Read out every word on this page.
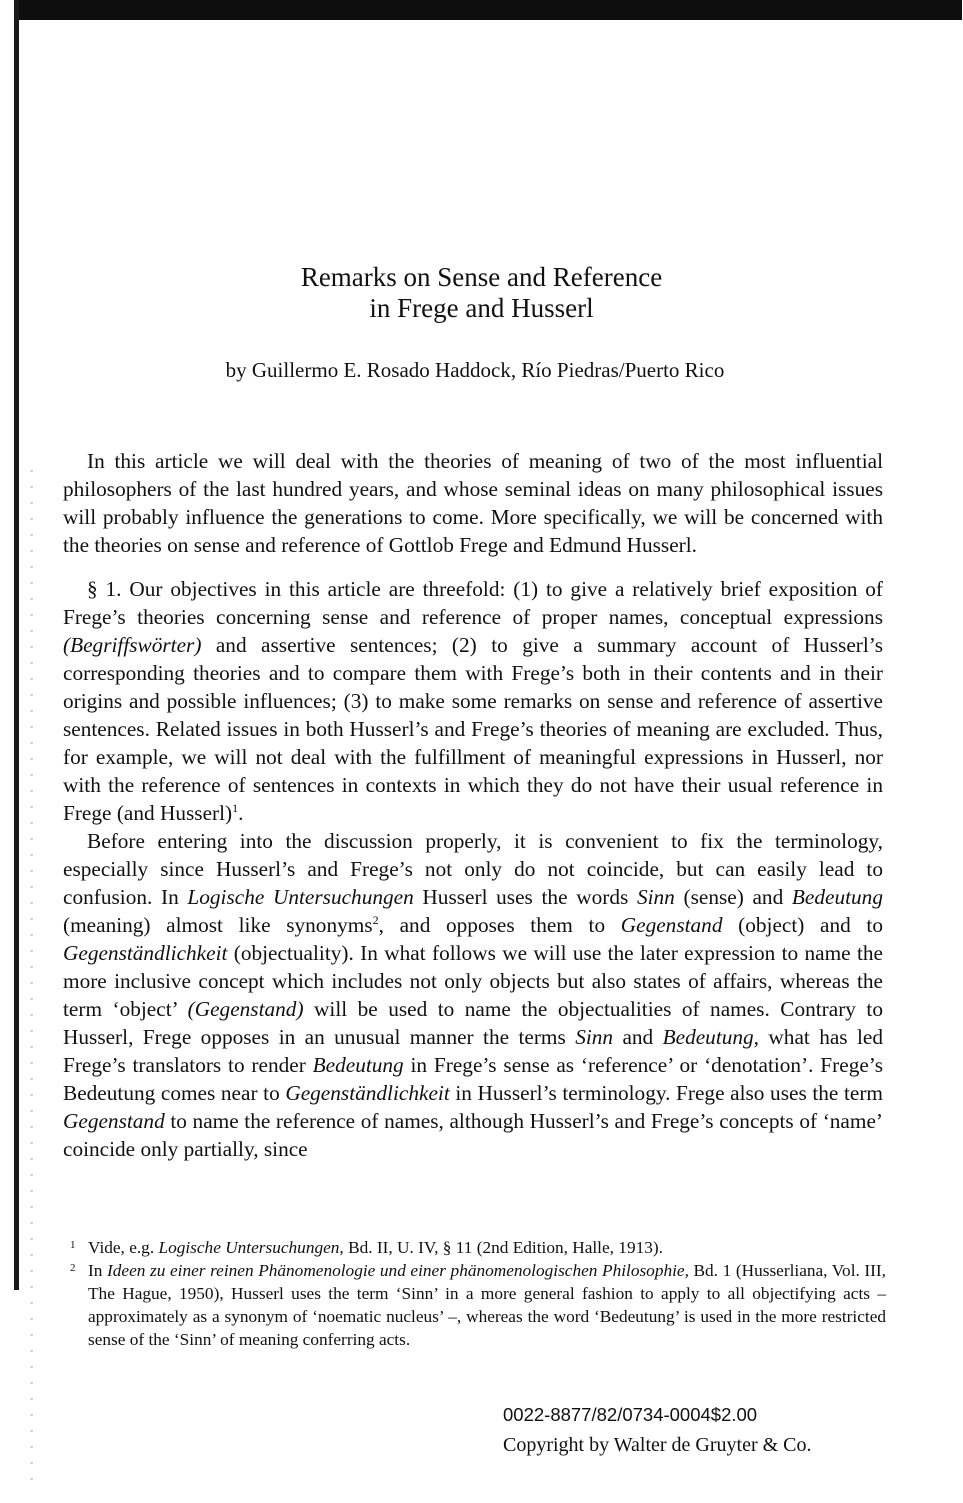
Remarks on Sense and Reference
in Frege and Husserl
by Guillermo E. Rosado Haddock, Río Piedras/Puerto Rico

In this article we will deal with the theories of meaning of two of the most influential philosophers of the last hundred years, and whose seminal ideas on many philosophical issues will probably influence the generations to come. More specifically, we will be concerned with the theories on sense and reference of Gottlob Frege and Edmund Husserl.

§ 1. Our objectives in this article are threefold: (1) to give a relatively brief exposition of Frege’s theories concerning sense and reference of proper names, conceptual expressions (Begriffswörter) and assertive sentences; (2) to give a summary account of Husserl’s corresponding theories and to compare them with Frege’s both in their contents and in their origins and possible influences; (3) to make some remarks on sense and reference of assertive sentences. Related issues in both Husserl’s and Frege’s theories of meaning are excluded. Thus, for example, we will not deal with the fulfillment of meaningful expressions in Husserl, nor with the reference of sentences in contexts in which they do not have their usual reference in Frege (and Husserl)$^1$.

Before entering into the discussion properly, it is convenient to fix the terminology, especially since Husserl’s and Frege’s not only do not coincide, but can easily lead to confusion. In Logische Untersuchungen Husserl uses the words Sinn (sense) and Bedeutung (meaning) almost like synonyms$^2$, and opposes them to Gegenstand (object) and to Gegenständlichkeit (objectuality). In what follows we will use the later expression to name the more inclusive concept which includes not only objects but also states of affairs, whereas the term ‘object’ (Gegenstand) will be used to name the objectualities of names. Contrary to Husserl, Frege opposes in an unusual manner the terms Sinn and Bedeutung, what has led Frege’s translators to render Bedeutung in Frege’s sense as ‘reference’ or ‘denotation’. Frege’s Bedeutung comes near to Gegenständlichkeit in Husserl’s terminology. Frege also uses the term Gegenstand to name the reference of names, although Husserl’s and Frege’s concepts of ‘name’ coincide only partially, since

1 Vide, e.g. Logische Untersuchungen, Bd. II, U. IV, § 11 (2nd Edition, Halle, 1913).

2 In Ideen zu einer reinen Phänomenologie und einer phänomenologischen Philosophie, Bd. 1 (Husserliana, Vol. III, The Hague, 1950), Husserl uses the term ‘Sinn’ in a more general fashion to apply to all objectifying acts – approximately as a synonym of ‘noematic nucleus’ –, whereas the word ‘Bedeutung’ is used in the more restricted sense of the ‘Sinn’ of meaning conferring acts.

0022-8877/82/0734-0004$2.00
Copyright by Walter de Gruyter & Co.
